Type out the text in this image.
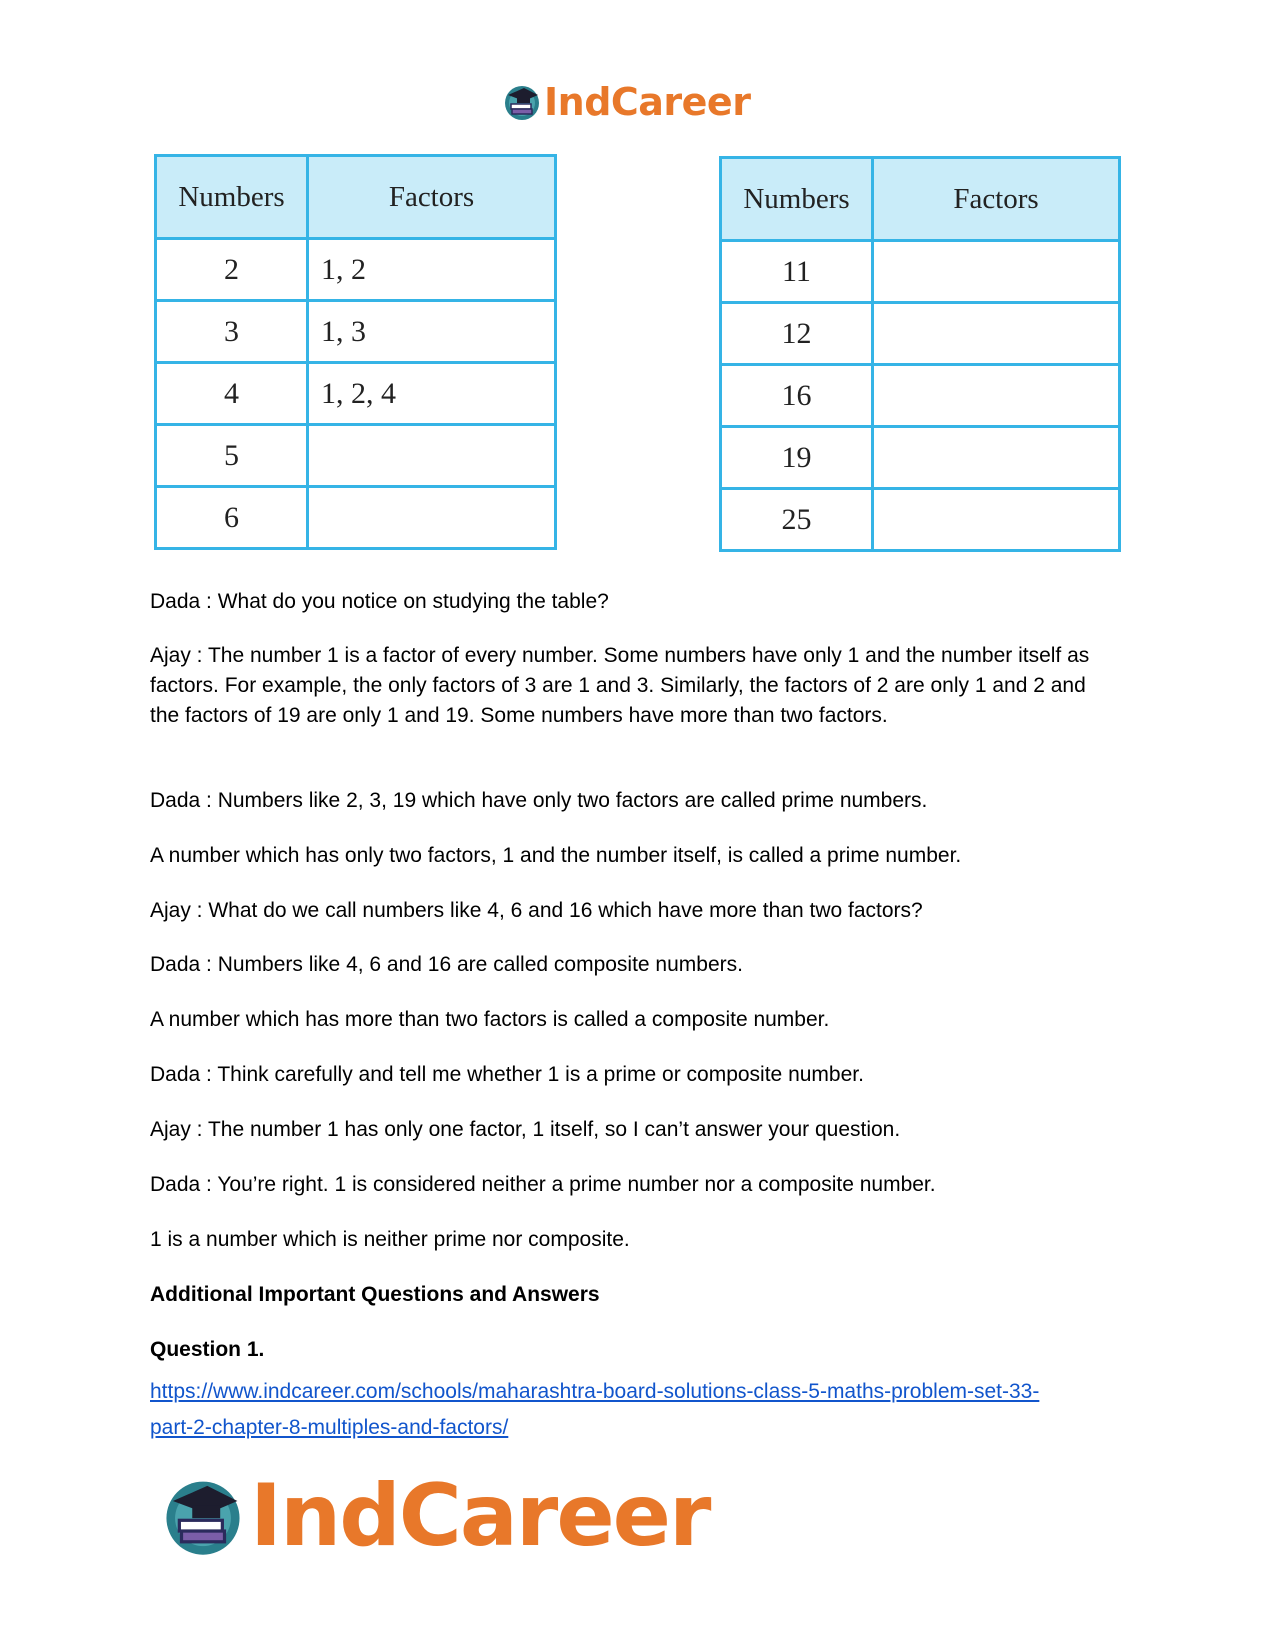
IndCareer
Numbers	Factors
2	1, 2
3	1, 3
4	1, 2, 4
5	
6	
Numbers	Factors
11	
12	
16	
19	
25	

Dada : What do you notice on studying the table?

Ajay : The number 1 is a factor of every number. Some numbers have only 1 and the number itself as factors. For example, the only factors of 3 are 1 and 3. Similarly, the factors of 2 are only 1 and 2 and the factors of 19 are only 1 and 19. Some numbers have more than two factors.

Dada : Numbers like 2, 3, 19 which have only two factors are called prime numbers.

A number which has only two factors, 1 and the number itself, is called a prime number.

Ajay : What do we call numbers like 4, 6 and 16 which have more than two factors?

Dada : Numbers like 4, 6 and 16 are called composite numbers.

A number which has more than two factors is called a composite number.

Dada : Think carefully and tell me whether 1 is a prime or composite number.

Ajay : The number 1 has only one factor, 1 itself, so I can’t answer your question.

Dada : You’re right. 1 is considered neither a prime number nor a composite number.

1 is a number which is neither prime nor composite.

Additional Important Questions and Answers

Question 1.

https://www.indcareer.com/schools/maharashtra-board-solutions-class-5-maths-problem-set-33-
part-2-chapter-8-multiples-and-factors/

IndCareer
